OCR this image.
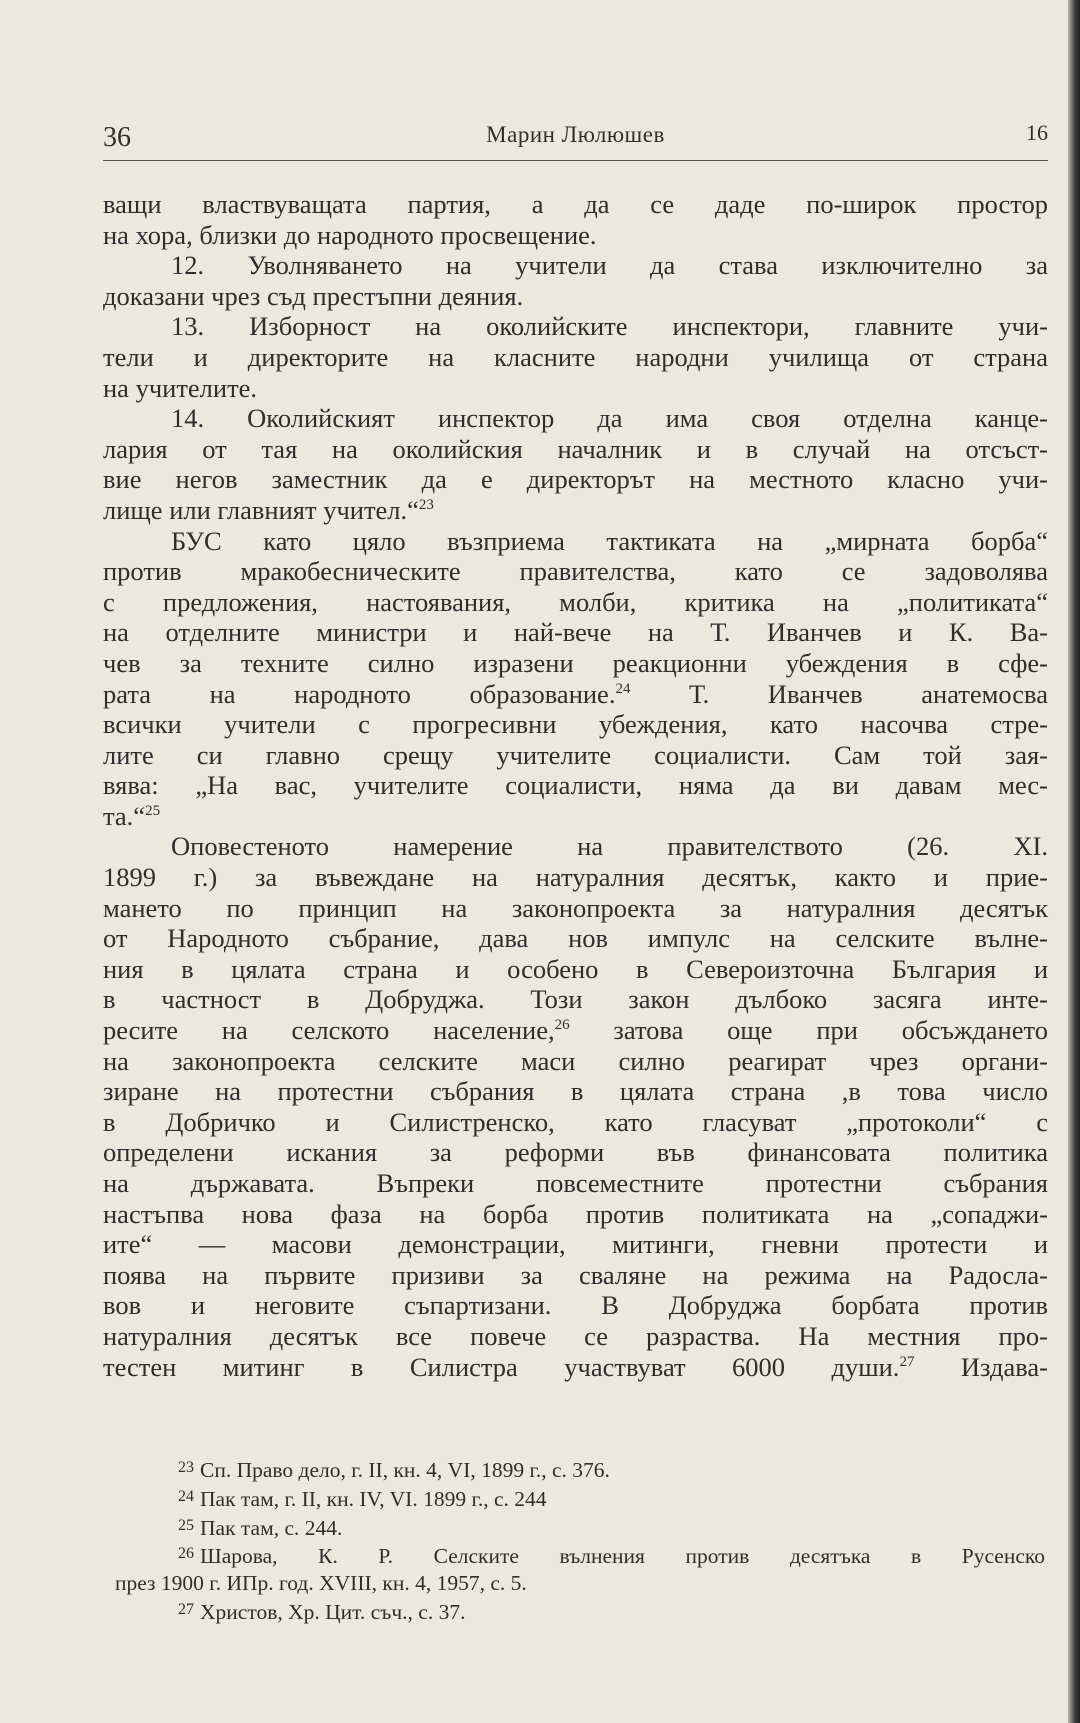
36	Марин Люлюшев	16
ващи властвуващата партия, а да се даде по-широк простор
на хора, близки до народното просвещение.
12. Уволняването на учители да става изключително за
доказани чрез съд престъпни деяния.
13. Изборност на околийските инспектори, главните учи-
тели и директорите на класните народни училища от страна
на учителите.
14. Околийският инспектор да има своя отделна канце-
лария от тая на околийския началник и в случай на отсъст-
вие негов заместник да е директорът на местното класно учи-
лище или главният учител.“$^{23}$
БУС като цяло възприема тактиката на „мирната борба“
против мракобесническите правителства, като се задоволява
с предложения, настоявания, молби, критика на „политиката“
на отделните министри и най-вече на Т. Иванчев и К. Ва-
чев за техните силно изразени реакционни убеждения в сфе-
рата на народното образование.$^{24}$ Т. Иванчев анатемосва
всички учители с прогресивни убеждения, като насочва стре-
лите си главно срещу учителите социалисти. Сам той зая-
вява: „На вас, учителите социалисти, няма да ви давам мес-
та.“$^{25}$
Оповестеното намерение на правителството (26. XI.
1899 г.) за въвеждане на натуралния десятък, както и прие-
мането по принцип на законопроекта за натуралния десятък
от Народното събрание, дава нов импулс на селските вълне-
ния в цялата страна и особено в Североизточна България и
в частност в Добруджа. Този закон дълбоко засяга инте-
ресите на селското население,$^{26}$ затова още при обсъждането
на законопроекта селските маси силно реагират чрез органи-
зиране на протестни събрания в цялата страна ,в това число
в Добричко и Силистренско, като гласуват „протоколи“ с
определени искания за реформи във финансовата политика
на държавата. Въпреки повсеместните протестни събрания
настъпва нова фаза на борба против политиката на „сопаджи-
ите“ — масови демонстрации, митинги, гневни протести и
поява на първите призиви за сваляне на режима на Радосла-
вов и неговите съпартизани. В Добруджа борбата против
натуралния десятък все повече се разраства. На местния про-
тестен митинг в Силистра участвуват 6000 души.$^{27}$ Издава-
$^{23}$ Сп. Право дело, г. II, кн. 4, VI, 1899 г., с. 376.
$^{24}$ Пак там, г. II, кн. IV, VI. 1899 г., с. 244
$^{25}$ Пак там, с. 244.
$^{26}$ Шарова, К. Р. Селските вълнения против десятъка в Русенско
през 1900 г. ИПр. год. XVIII, кн. 4, 1957, с. 5.
$^{27}$ Христов, Хр. Цит. съч., с. 37.
